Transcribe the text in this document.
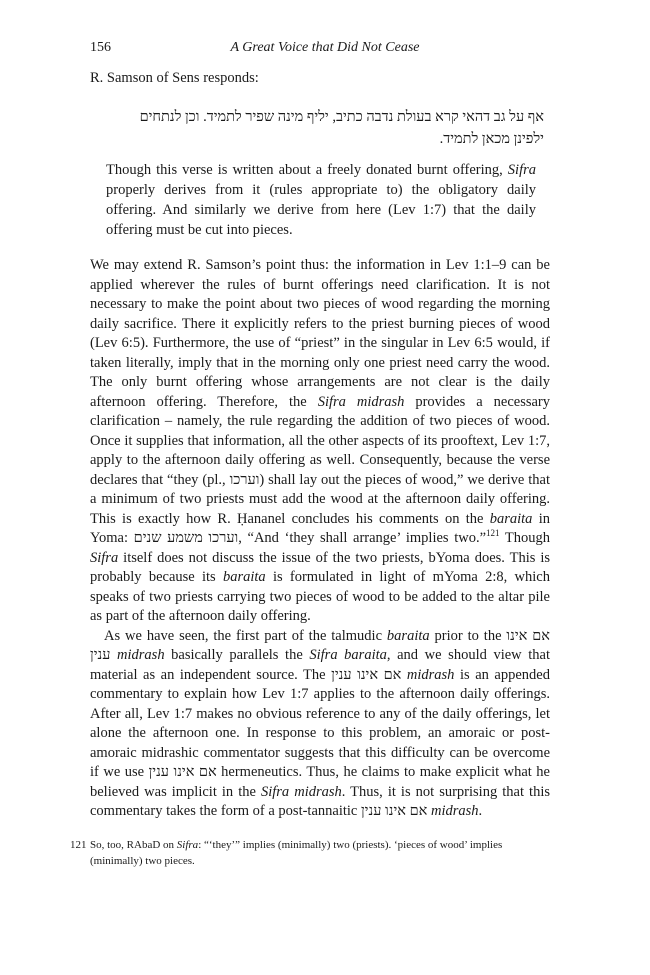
156	A Great Voice that Did Not Cease
R. Samson of Sens responds:
אף על גב דהאי קרא בעולת נדבה כתיב, יליף מינה שפיר לתמיד. וכן לנתחים ילפינן מכאן לתמיד.
Though this verse is written about a freely donated burnt offering, Sifra properly derives from it (rules appropriate to) the obligatory daily offering. And similarly we derive from here (Lev 1:7) that the daily offering must be cut into pieces.

We may extend R. Samson’s point thus: the information in Lev 1:1–9 can be applied wherever the rules of burnt offerings need clarification. It is not necessary to make the point about two pieces of wood regarding the morning daily sacrifice. There it explicitly refers to the priest burning pieces of wood (Lev 6:5). Furthermore, the use of “priest” in the singular in Lev 6:5 would, if taken literally, imply that in the morning only one priest need carry the wood. The only burnt offering whose arrangements are not clear is the daily afternoon offering. Therefore, the Sifra midrash provides a necessary clarification – namely, the rule regarding the addition of two pieces of wood. Once it supplies that information, all the other aspects of its prooftext, Lev 1:7, apply to the afternoon daily offering as well. Consequently, because the verse declares that “they (pl., וערכו) shall lay out the pieces of wood,” we derive that a minimum of two priests must add the wood at the afternoon daily offering. This is exactly how R. Ḥananel concludes his comments on the baraita in Yoma: וערכו משמע שנים, “And ‘they shall arrange’ implies two.”$^{121}$ Though Sifra itself does not discuss the issue of the two priests, bYoma does. This is probably because its baraita is formulated in light of mYoma 2:8, which speaks of two priests carrying two pieces of wood to be added to the altar pile as part of the afternoon daily offering.

As we have seen, the first part of the talmudic baraita prior to the אם אינו ענין midrash basically parallels the Sifra baraita, and we should view that material as an independent source. The אם אינו ענין midrash is an appended commentary to explain how Lev 1:7 applies to the afternoon daily offerings. After all, Lev 1:7 makes no obvious reference to any of the daily offerings, let alone the afternoon one. In response to this problem, an amoraic or post-amoraic midrashic commentator suggests that this difficulty can be overcome if we use אם אינו ענין hermeneutics. Thus, he claims to make explicit what he believed was implicit in the Sifra midrash. Thus, it is not surprising that this commentary takes the form of a post-tannaitic אם אינו ענין midrash.

121 So, too, RAbaD on Sifra: “‘they’” implies (minimally) two (priests). ‘pieces of wood’ implies (minimally) two pieces.
